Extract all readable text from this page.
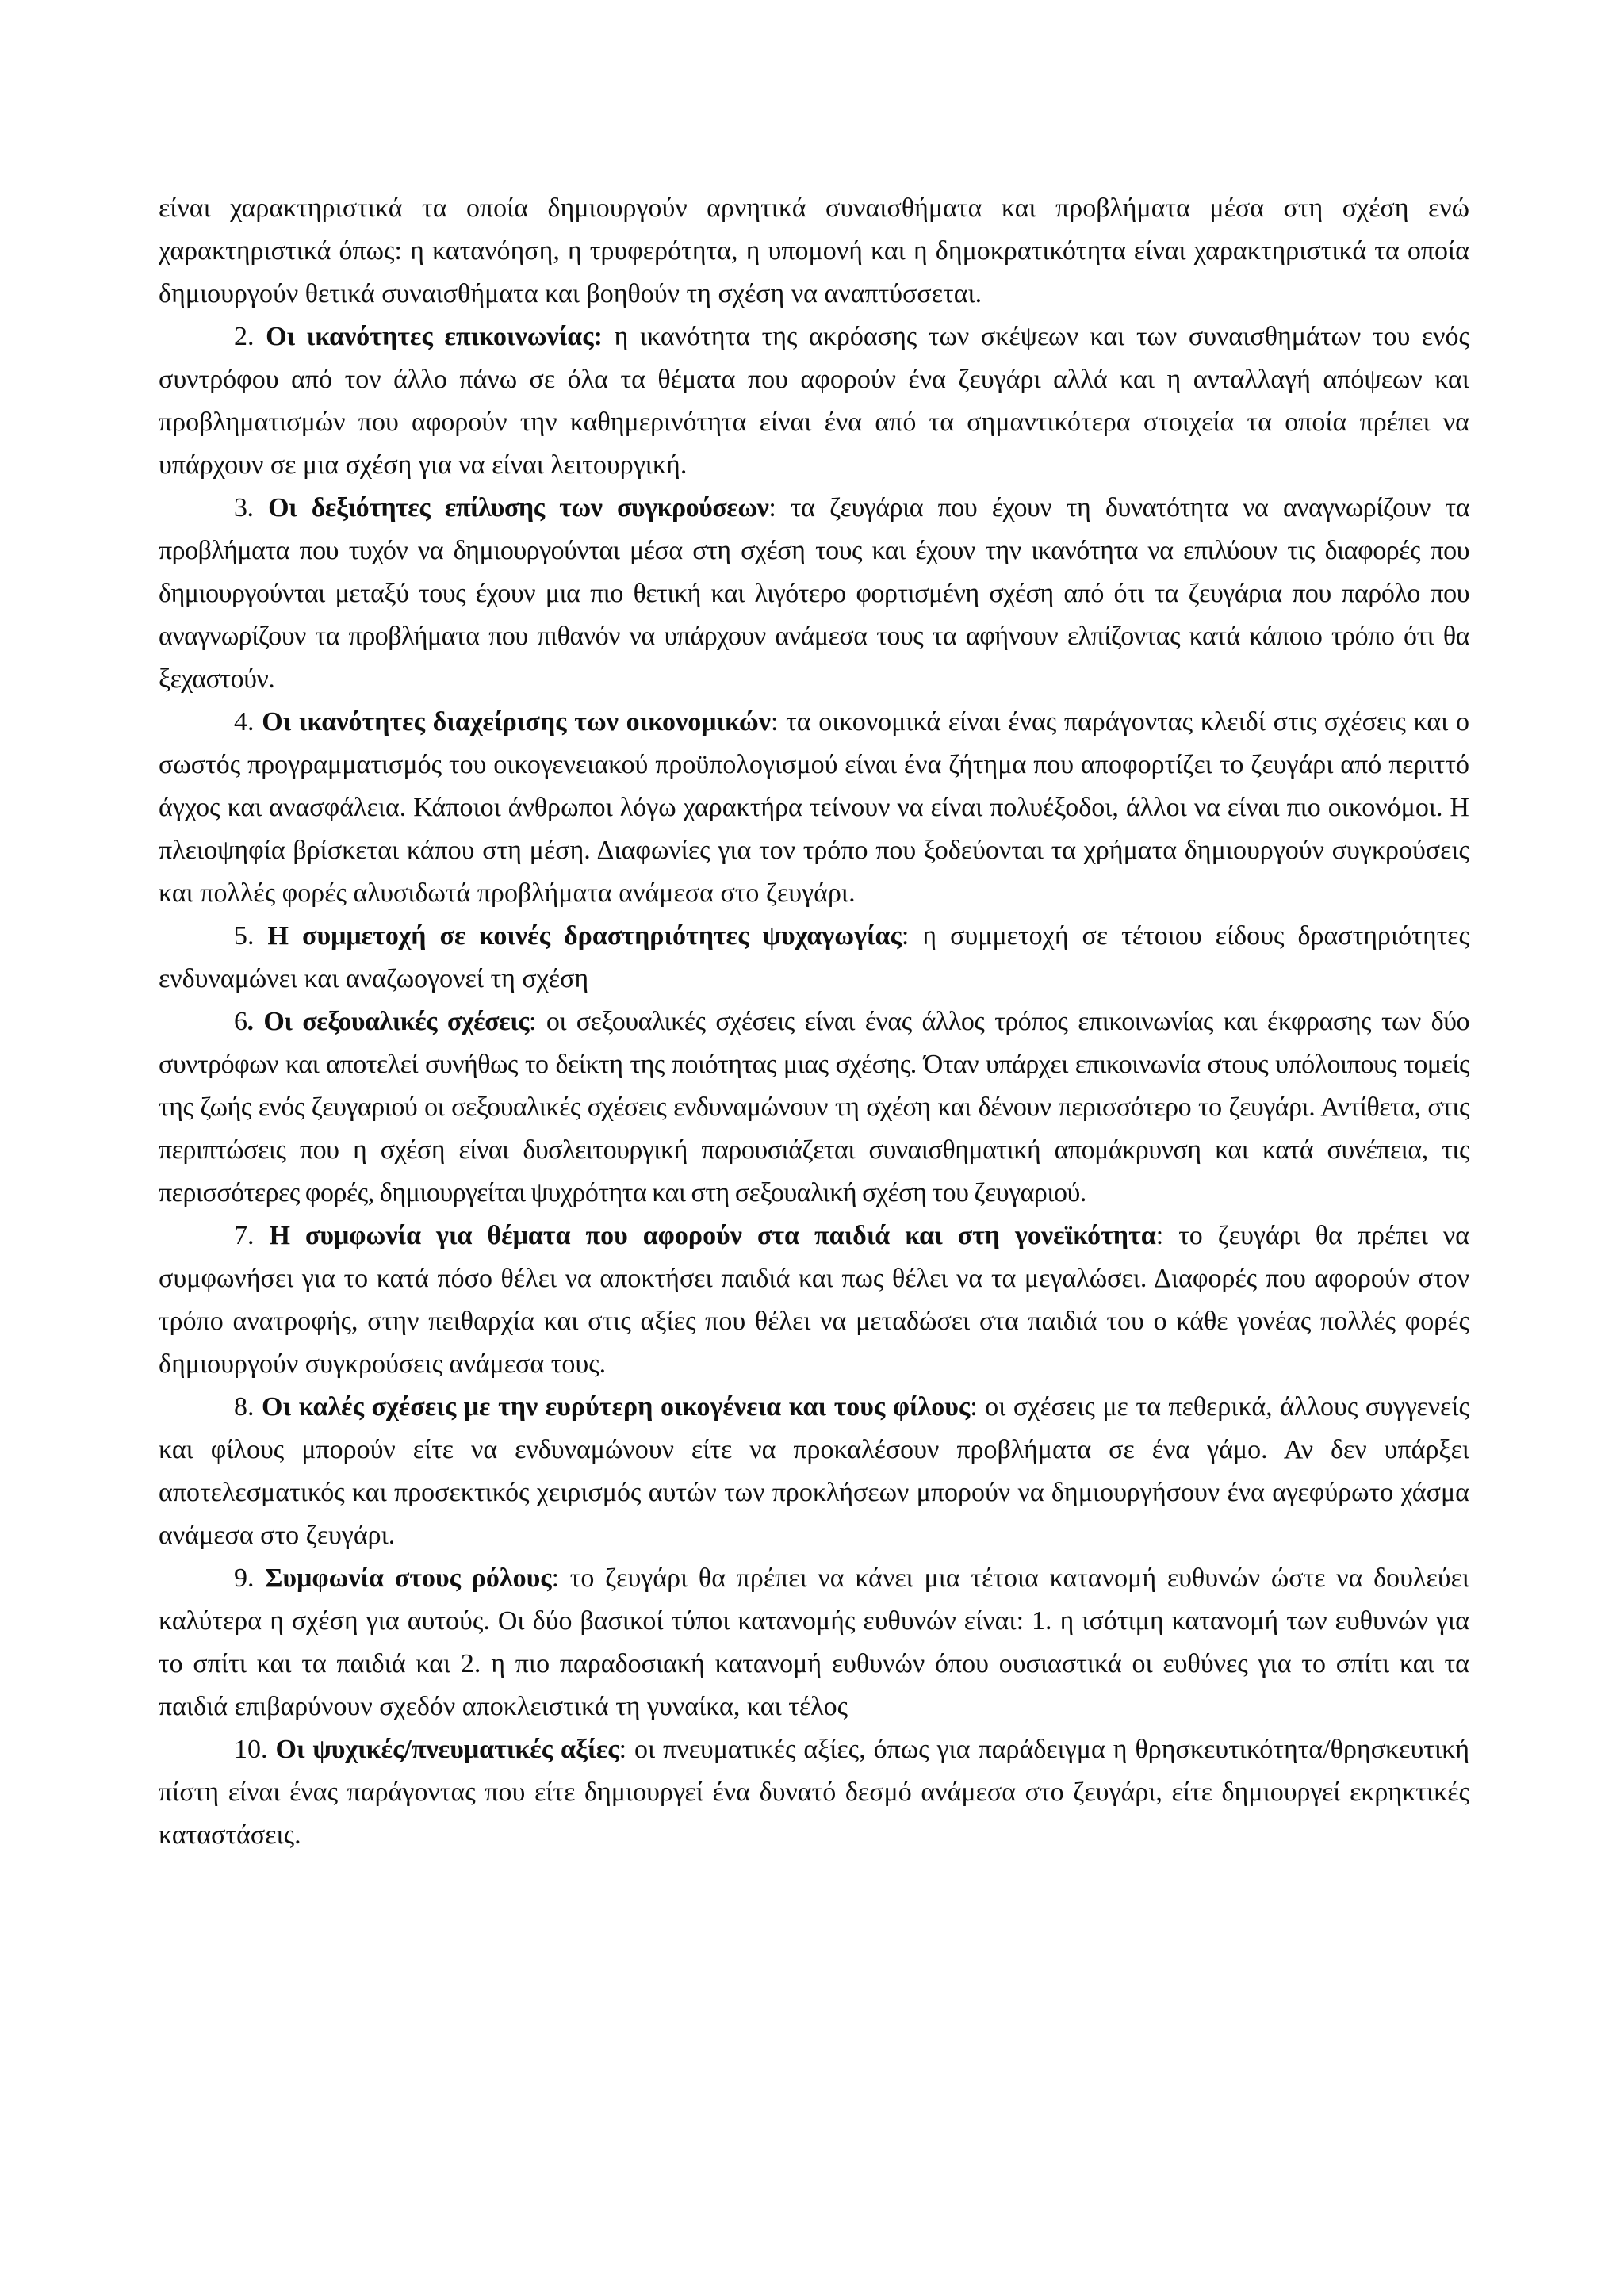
είναι χαρακτηριστικά τα οποία δημιουργούν αρνητικά συναισθήματα και προβλήματα μέσα στη σχέση ενώ χαρακτηριστικά όπως: η κατανόηση, η τρυφερότητα, η υπομονή και η δημοκρατικότητα είναι χαρακτηριστικά τα οποία δημιουργούν θετικά συναισθήματα και βοηθούν τη σχέση να αναπτύσσεται.

2. Οι ικανότητες επικοινωνίας: η ικανότητα της ακρόασης των σκέψεων και των συναισθημάτων του ενός συντρόφου από τον άλλο πάνω σε όλα τα θέματα που αφορούν ένα ζευγάρι αλλά και η ανταλλαγή απόψεων και προβληματισμών που αφορούν την καθημερινότητα είναι ένα από τα σημαντικότερα στοιχεία τα οποία πρέπει να υπάρχουν σε μια σχέση για να είναι λειτουργική.

3. Οι δεξιότητες επίλυσης των συγκρούσεων: τα ζευγάρια που έχουν τη δυνατότητα να αναγνωρίζουν τα προβλήματα που τυχόν να δημιουργούνται μέσα στη σχέση τους και έχουν την ικανότητα να επιλύουν τις διαφορές που δημιουργούνται μεταξύ τους έχουν μια πιο θετική και λιγότερο φορτισμένη σχέση από ότι τα ζευγάρια που παρόλο που αναγνωρίζουν τα προβλήματα που πιθανόν να υπάρχουν ανάμεσα τους τα αφήνουν ελπίζοντας κατά κάποιο τρόπο ότι θα ξεχαστούν.

4. Οι ικανότητες διαχείρισης των οικονομικών: τα οικονομικά είναι ένας παράγοντας κλειδί στις σχέσεις και ο σωστός προγραμματισμός του οικογενειακού προϋπολογισμού είναι ένα ζήτημα που αποφορτίζει το ζευγάρι από περιττό άγχος και ανασφάλεια. Κάποιοι άνθρωποι λόγω χαρακτήρα τείνουν να είναι πολυέξοδοι, άλλοι να είναι πιο οικονόμοι. Η πλειοψηφία βρίσκεται κάπου στη μέση. Διαφωνίες για τον τρόπο που ξοδεύονται τα χρήματα δημιουργούν συγκρούσεις και πολλές φορές αλυσιδωτά προβλήματα ανάμεσα στο ζευγάρι.

5. Η συμμετοχή σε κοινές δραστηριότητες ψυχαγωγίας: η συμμετοχή σε τέτοιου είδους δραστηριότητες ενδυναμώνει και αναζωογονεί τη σχέση

6. Οι σεξουαλικές σχέσεις: οι σεξουαλικές σχέσεις είναι ένας άλλος τρόπος επικοινωνίας και έκφρασης των δύο συντρόφων και αποτελεί συνήθως το δείκτη της ποιότητας μιας σχέσης. Όταν υπάρχει επικοινωνία στους υπόλοιπους τομείς της ζωής ενός ζευγαριού οι σεξουαλικές σχέσεις ενδυναμώνουν τη σχέση και δένουν περισσότερο το ζευγάρι. Αντίθετα, στις περιπτώσεις που η σχέση είναι δυσλειτουργική παρουσιάζεται συναισθηματική απομάκρυνση και κατά συνέπεια, τις περισσότερες φορές, δημιουργείται ψυχρότητα και στη σεξουαλική σχέση του ζευγαριού.

7. Η συμφωνία για θέματα που αφορούν στα παιδιά και στη γονεϊκότητα: το ζευγάρι θα πρέπει να συμφωνήσει για το κατά πόσο θέλει να αποκτήσει παιδιά και πως θέλει να τα μεγαλώσει. Διαφορές που αφορούν στον τρόπο ανατροφής, στην πειθαρχία και στις αξίες που θέλει να μεταδώσει στα παιδιά του ο κάθε γονέας πολλές φορές δημιουργούν συγκρούσεις ανάμεσα τους.

8. Οι καλές σχέσεις με την ευρύτερη οικογένεια και τους φίλους: οι σχέσεις με τα πεθερικά, άλλους συγγενείς και φίλους μπορούν είτε να ενδυναμώνουν είτε να προκαλέσουν προβλήματα σε ένα γάμο. Αν δεν υπάρξει αποτελεσματικός και προσεκτικός χειρισμός αυτών των προκλήσεων μπορούν να δημιουργήσουν ένα αγεφύρωτο χάσμα ανάμεσα στο ζευγάρι.

9. Συμφωνία στους ρόλους: το ζευγάρι θα πρέπει να κάνει μια τέτοια κατανομή ευθυνών ώστε να δουλεύει καλύτερα η σχέση για αυτούς. Οι δύο βασικοί τύποι κατανομής ευθυνών είναι: 1. η ισότιμη κατανομή των ευθυνών για το σπίτι και τα παιδιά και 2. η πιο παραδοσιακή κατανομή ευθυνών όπου ουσιαστικά οι ευθύνες για το σπίτι και τα παιδιά επιβαρύνουν σχεδόν αποκλειστικά τη γυναίκα, και τέλος

10. Οι ψυχικές/πνευματικές αξίες: οι πνευματικές αξίες, όπως για παράδειγμα η θρησκευτικότητα/θρησκευτική πίστη είναι ένας παράγοντας που είτε δημιουργεί ένα δυνατό δεσμό ανάμεσα στο ζευγάρι, είτε δημιουργεί εκρηκτικές καταστάσεις.
